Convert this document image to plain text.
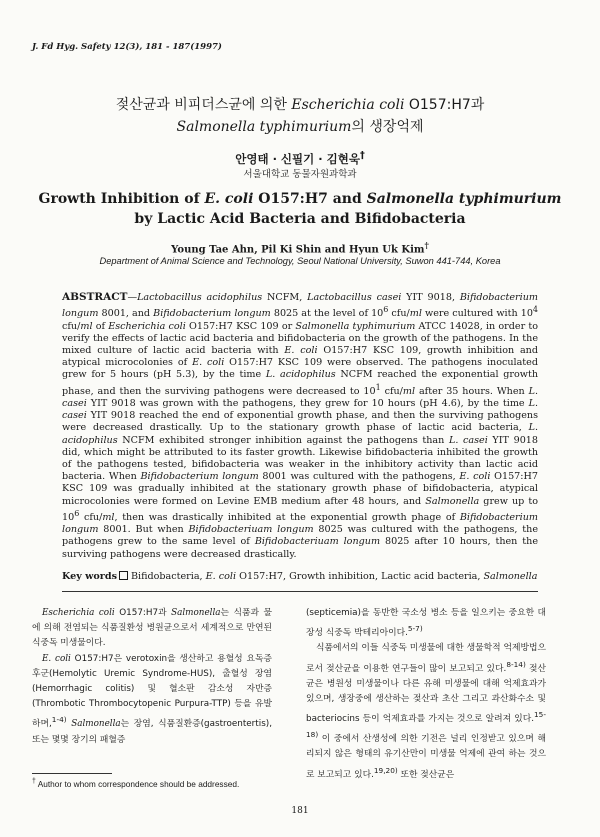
J. Fd Hyg. Safety 12(3), 181 - 187(1997)
젖산균과 비피더스균에 의한 Escherichia coli O157:H7과
Salmonella typhimurium의 생장억제
안영태 · 신필기 · 김현욱†
서울대학교 동물자원과학과
Growth Inhibition of E. coli O157:H7 and Salmonella typhimurium
by Lactic Acid Bacteria and Bifidobacteria
Young Tae Ahn, Pil Ki Shin and Hyun Uk Kim†
Department of Animal Science and Technology, Seoul National University, Suwon 441-744, Korea
ABSTRACT—Lactobacillus acidophilus NCFM, Lactobacillus casei YIT 9018, Bifidobacterium longum 8001, and Bifidobacterium longum 8025 at the level of $10^6$ cfu/ml were cultured with $10^4$ cfu/ml of Escherichia coli O157:H7 KSC 109 or Salmonella typhimurium ATCC 14028, in order to verify the effects of lactic acid bacteria and bifidobacteria on the growth of the pathogens. In the mixed culture of lactic acid bacteria with E. coli O157:H7 KSC 109, growth inhibition and atypical microcolonies of E. coli O157:H7 KSC 109 were observed. The pathogens inoculated grew for 5 hours (pH 5.3), by the time L. acidophilus NCFM reached the exponential growth phase, and then the surviving pathogens were decreased to $10^1$ cfu/ml after 35 hours. When L. casei YIT 9018 was grown with the pathogens, they grew for 10 hours (pH 4.6), by the time L. casei YIT 9018 reached the end of exponential growth phase, and then the surviving pathogens were decreased drastically. Up to the stationary growth phase of lactic acid bacteria, L. acidophilus NCFM exhibited stronger inhibition against the pathogens than L. casei YIT 9018 did, which might be attributed to its faster growth. Likewise bifidobacteria inhibited the growth of the pathogens tested, bifidobacteria was weaker in the inhibitory activity than lactic acid bacteria. When Bifidobacterium longum 8001 was cultured with the pathogens, E. coli O157:H7 KSC 109 was gradually inhibited at the stationary growth phase of bifidobacteria, atypical microcolonies were formed on Levine EMB medium after 48 hours, and Salmonella grew up to $10^6$ cfu/ml, then was drastically inhibited at the exponential growth phage of Bifidobacterium longum 8001. But when Bifidobacteriuam longum 8025 was cultured with the pathogens, the pathogens grew to the same level of Bifidobacteriuam longum 8025 after 10 hours, then the surviving pathogens were decreased drastically.
Key words Bifidobacteria, E. coli O157:H7, Growth inhibition, Lactic acid bacteria, Salmonella

Escherichia coli O157:H7과 Salmonella는 식품과 물에 의해 전염되는 식품질환성 병원균으로서 세계적으로 만연된 식중독 미생물이다.

E. coli O157:H7은 verotoxin을 생산하고 용혈성 요독증후군(Hemolytic Uremic Syndrome-HUS), 출혈성 장염(Hemorrhagic colitis) 및 혈소판 감소성 자반증(Thrombotic Thrombocytopenic Purpura-TTP) 등을 유발하며,$^{1-4)}$ Salmonella는 장염, 식품질환증(gastroentertis), 또는 몇몇 장기의 패혈증

(septicemia)을 동반한 국소성 병소 등을 일으키는 중요한 대장성 식중독 박테리아이다.$^{5-7)}$

식품에서의 이들 식중독 미생물에 대한 생물학적 억제방법으로서 젖산균을 이용한 연구들이 많이 보고되고 있다.$^{8-14)}$ 젖산균은 병원성 미생물이나 다른 유해 미생물에 대해 억제효과가 있으며, 생장중에 생산하는 젖산과 초산 그리고 과산화수소 및 bacteriocins 등이 억제효과를 가지는 것으로 알려져 있다.$^{15-18)}$ 이 중에서 산생성에 의한 기전은 널리 인정받고 있으며 해리되지 않은 형태의 유기산만이 미생물 억제에 관여 하는 것으로 보고되고 있다.$^{19,20)}$ 또한 젖산균은

† Author to whom correspondence should be addressed.
181
